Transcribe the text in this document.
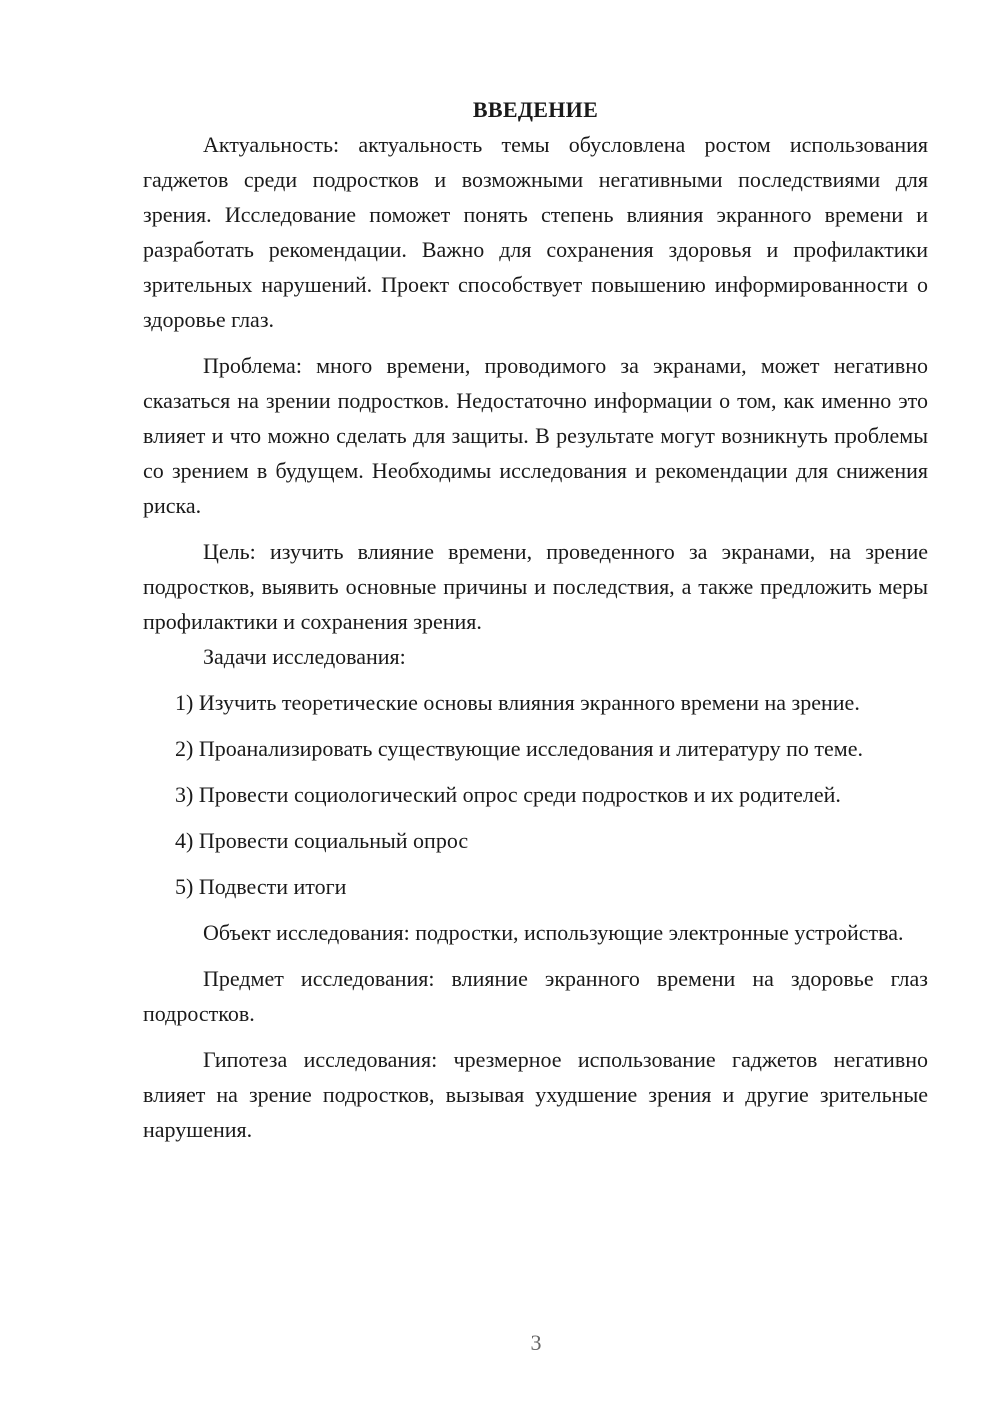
ВВЕДЕНИЕ

Актуальность: актуальность темы обусловлена ростом использования гаджетов среди подростков и возможными негативными последствиями для зрения. Исследование поможет понять степень влияния экранного времени и разработать рекомендации. Важно для сохранения здоровья и профилактики зрительных нарушений. Проект способствует повышению информированности о здоровье глаз.

Проблема: много времени, проводимого за экранами, может негативно сказаться на зрении подростков. Недостаточно информации о том, как именно это влияет и что можно сделать для защиты. В результате могут возникнуть проблемы со зрением в будущем. Необходимы исследования и рекомендации для снижения риска.

Цель: изучить влияние времени, проведенного за экранами, на зрение подростков, выявить основные причины и последствия, а также предложить меры профилактики и сохранения зрения.

Задачи исследования:

1) Изучить теоретические основы влияния экранного времени на зрение.

2) Проанализировать существующие исследования и литературу по теме.

3) Провести социологический опрос среди подростков и их родителей.

4) Провести социальный опрос

5) Подвести итоги

Объект исследования: подростки, использующие электронные устройства.

Предмет исследования: влияние экранного времени на здоровье глаз подростков.

Гипотеза исследования: чрезмерное использование гаджетов негативно влияет на зрение подростков, вызывая ухудшение зрения и другие зрительные нарушения.

3
